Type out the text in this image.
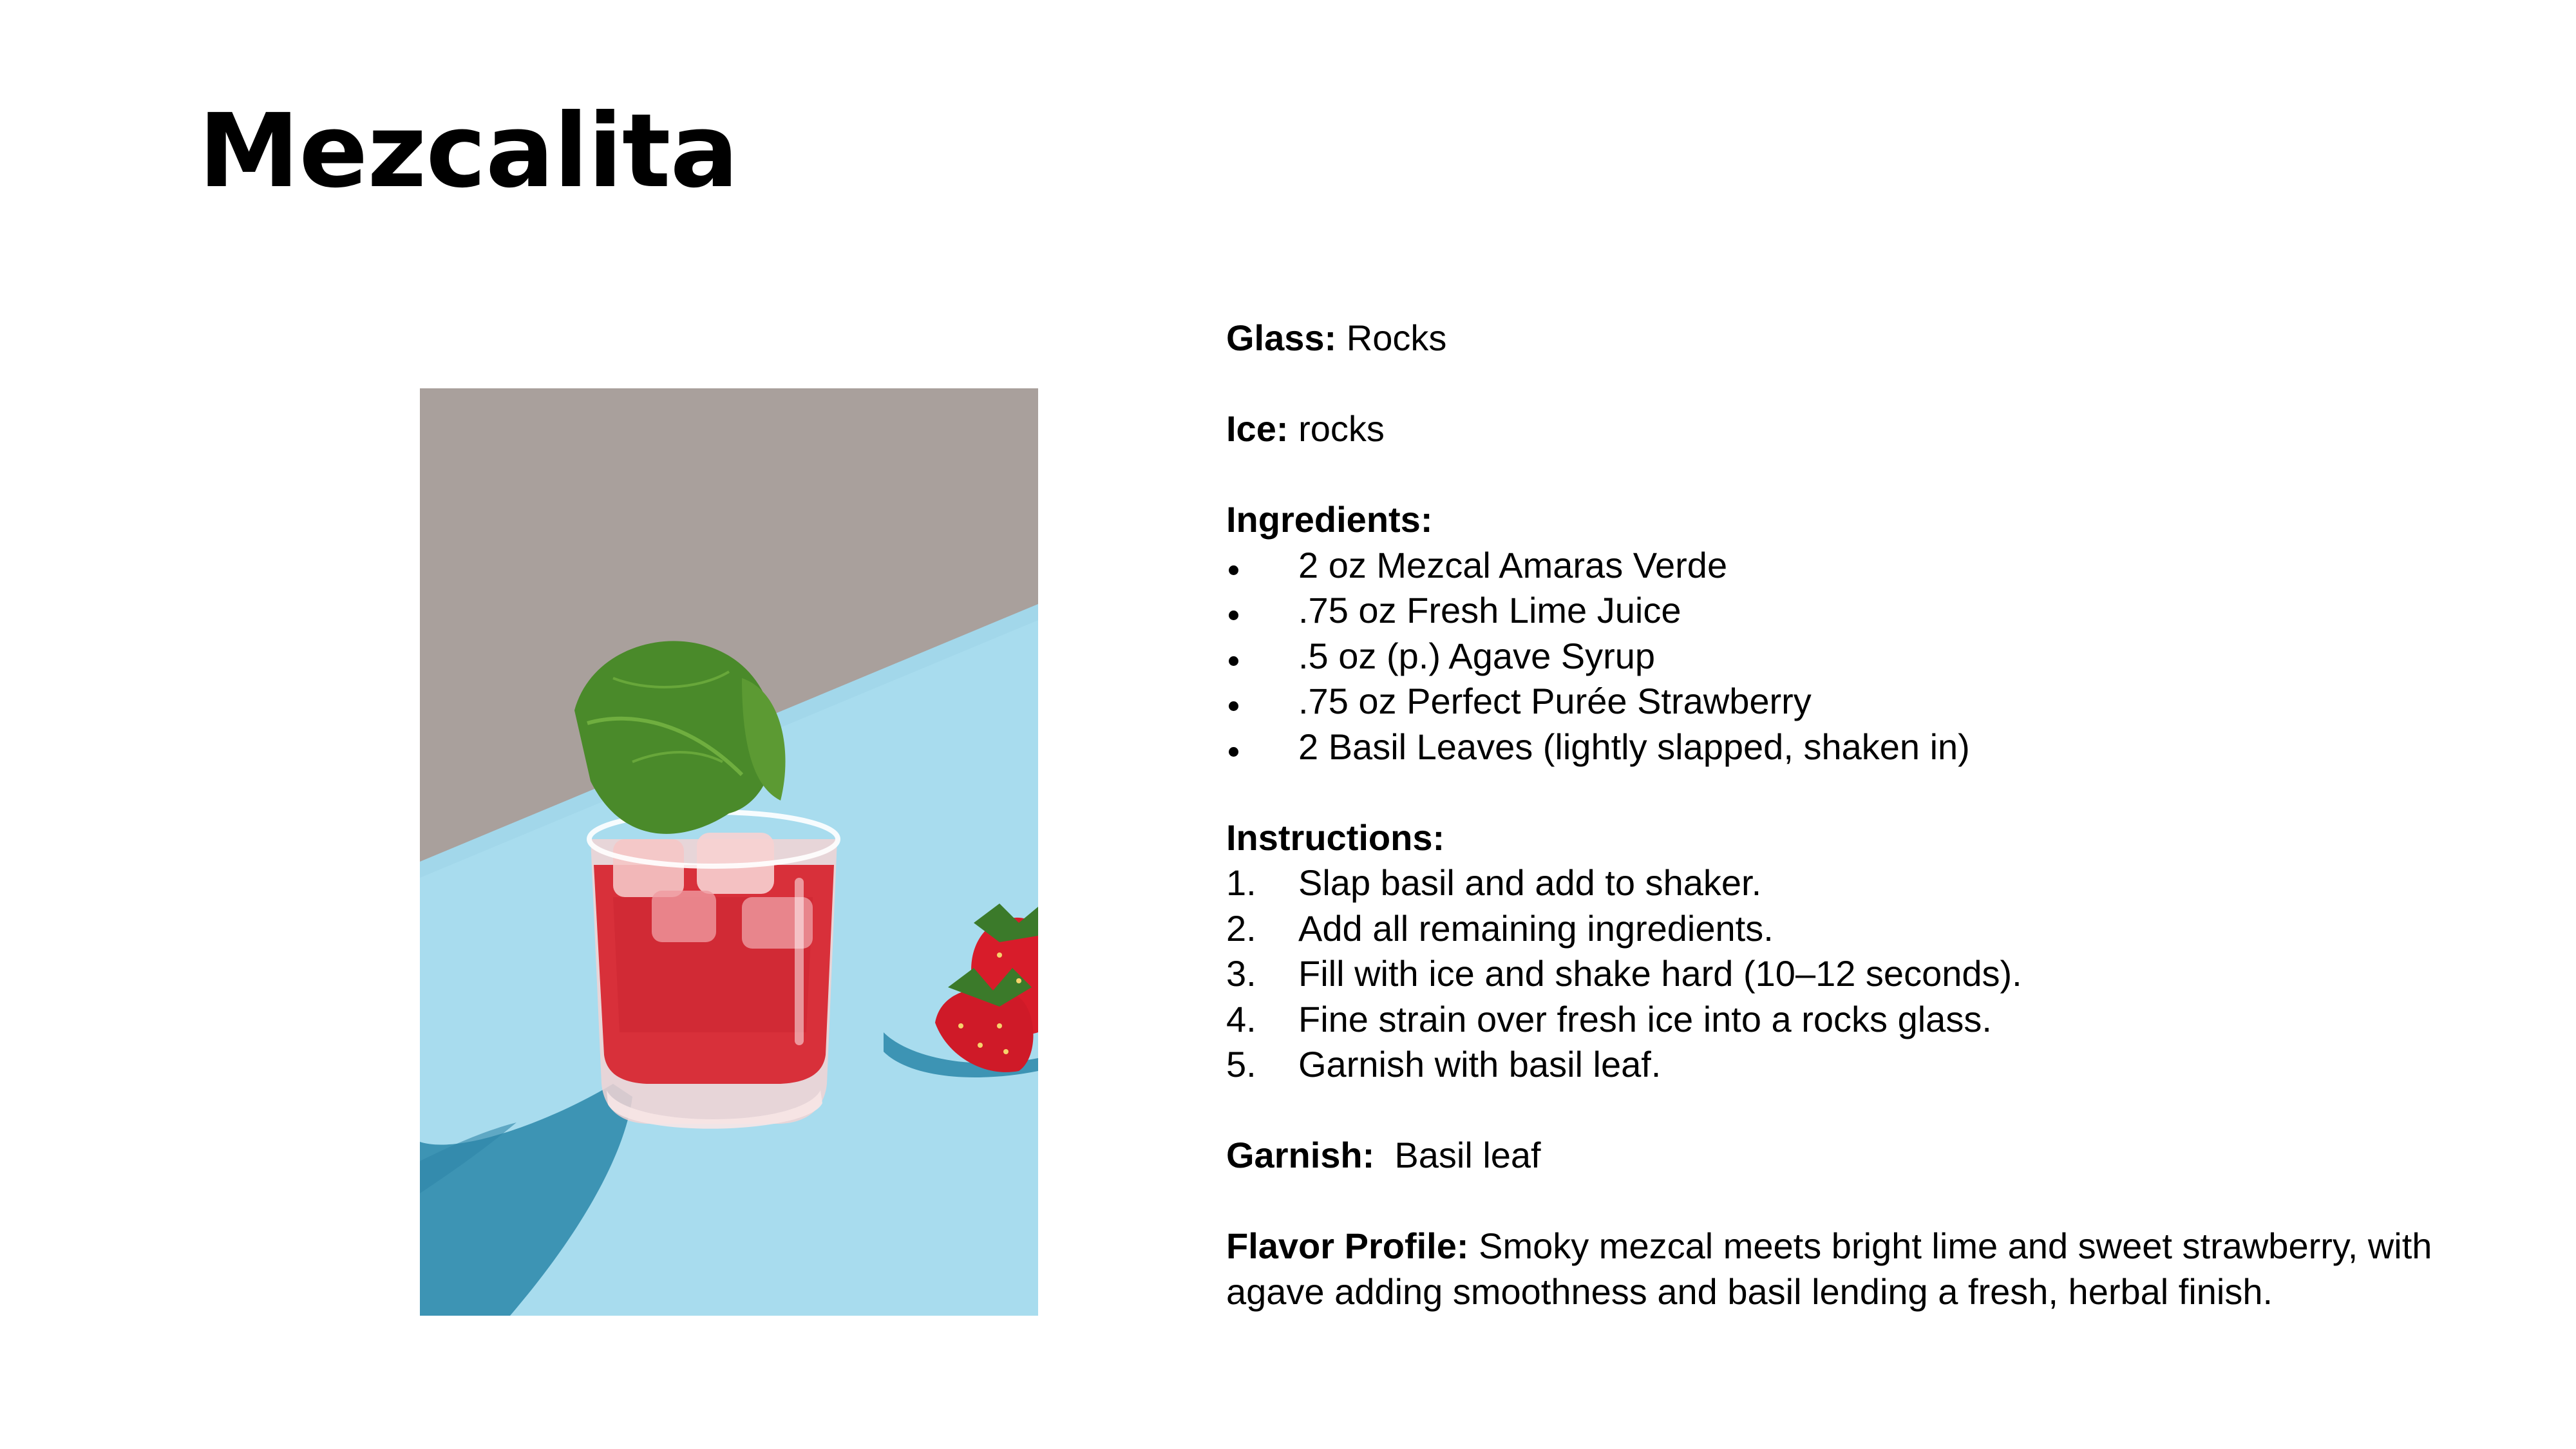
Mezcalita

Glass: Rocks

Ice: rocks

Ingredients:

2 oz Mezcal Amaras Verde
.75 oz Fresh Lime Juice
.5 oz (p.) Agave Syrup
.75 oz Perfect Purée Strawberry
2 Basil Leaves (lightly slapped, shaken in)

Instructions:

1.	Slap basil and add to shaker.
2.	Add all remaining ingredients.
3.	Fill with ice and shake hard (10–12 seconds).
4.	Fine strain over fresh ice into a rocks glass.
5.	Garnish with basil leaf.

Garnish: Basil leaf

Flavor Profile: Smoky mezcal meets bright lime and sweet strawberry, with agave adding smoothness and basil lending a fresh, herbal finish.
